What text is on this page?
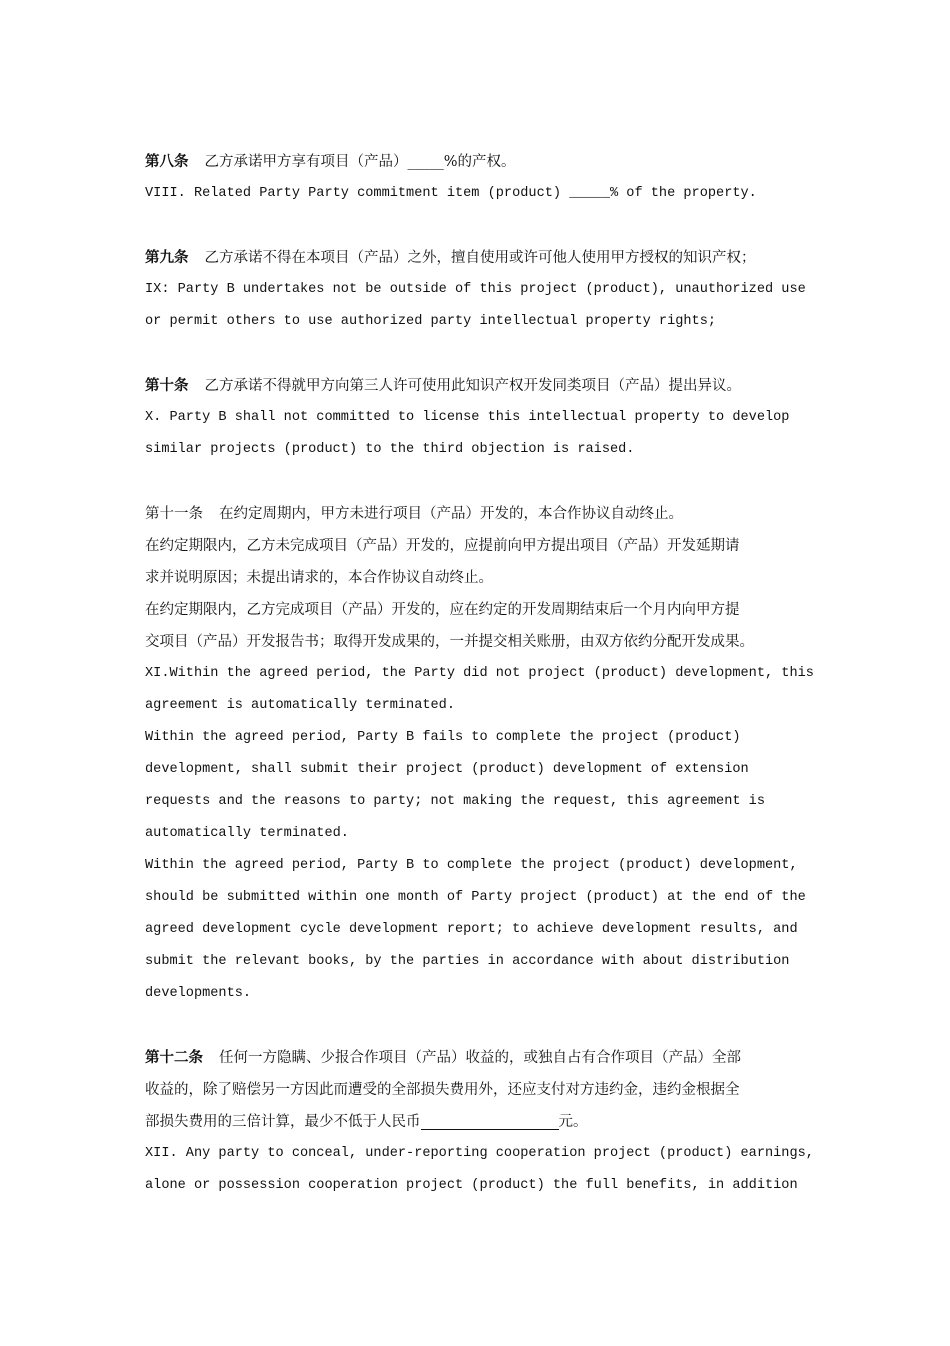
第八条 乙方承诺甲方享有项目（产品）_____%的产权。
VIII. Related Party Party commitment item (product) _____% of the property.
第九条 乙方承诺不得在本项目（产品）之外，擅自使用或许可他人使用甲方授权的知识产权；
IX: Party B undertakes not be outside of this project (product), unauthorized use
or permit others to use authorized party intellectual property rights;
第十条 乙方承诺不得就甲方向第三人许可使用此知识产权开发同类项目（产品）提出异议。
X. Party B shall not committed to license this intellectual property to develop
similar projects (product) to the third objection is raised.
第十一条 在约定周期内，甲方未进行项目（产品）开发的，本合作协议自动终止。
在约定期限内，乙方未完成项目（产品）开发的，应提前向甲方提出项目（产品）开发延期请
求并说明原因；未提出请求的，本合作协议自动终止。
在约定期限内，乙方完成项目（产品）开发的，应在约定的开发周期结束后一个月内向甲方提
交项目（产品）开发报告书；取得开发成果的，一并提交相关账册，由双方依约分配开发成果。
XI.Within the agreed period, the Party did not project (product) development, this
agreement is automatically terminated.
Within the agreed period, Party B fails to complete the project (product)
development, shall submit their project (product) development of extension
requests and the reasons to party; not making the request, this agreement is
automatically terminated.
Within the agreed period, Party B to complete the project (product) development,
should be submitted within one month of Party project (product) at the end of the
agreed development cycle development report; to achieve development results, and
submit the relevant books, by the parties in accordance with about distribution
developments.
第十二条 任何一方隐瞒、少报合作项目（产品）收益的，或独自占有合作项目（产品）全部
收益的，除了赔偿另一方因此而遭受的全部损失费用外，还应支付对方违约金，违约金根据全
部损失费用的三倍计算，最少不低于人民币	元。
XII. Any party to conceal, under-reporting cooperation project (product) earnings,
alone or possession cooperation project (product) the full benefits, in addition
